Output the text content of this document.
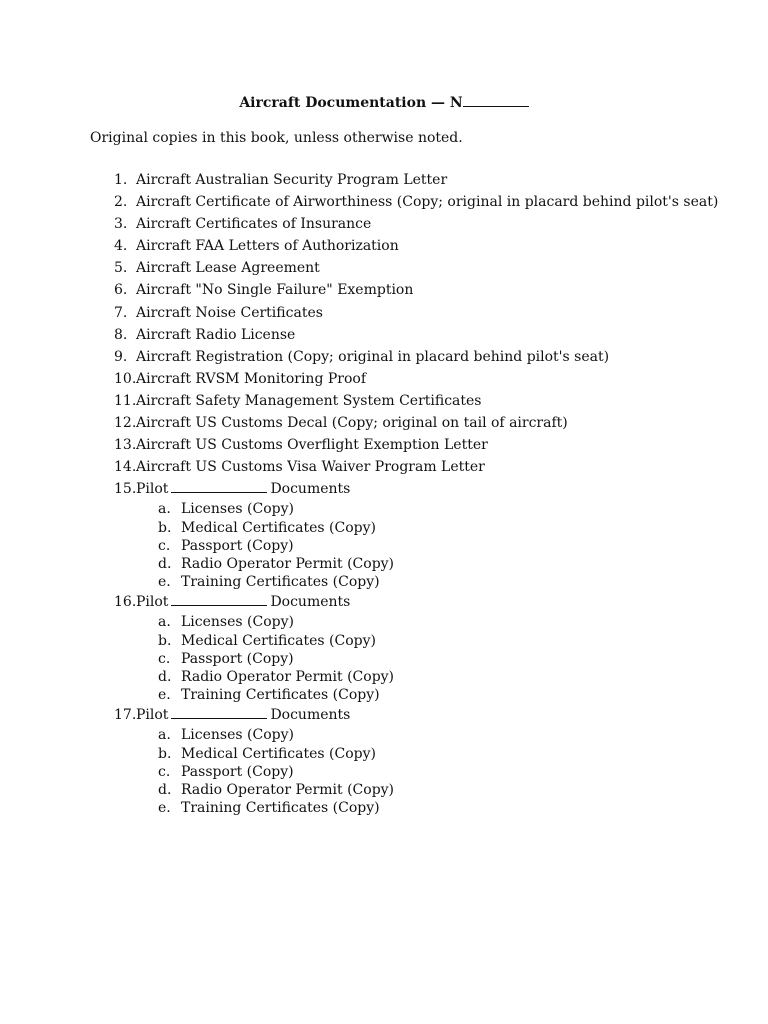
Aircraft Documentation — N
Original copies in this book, unless otherwise noted.
1. Aircraft Australian Security Program Letter
2. Aircraft Certificate of Airworthiness (Copy; original in placard behind pilot's seat)
3. Aircraft Certificates of Insurance
4. Aircraft FAA Letters of Authorization
5. Aircraft Lease Agreement
6. Aircraft "No Single Failure" Exemption
7. Aircraft Noise Certificates
8. Aircraft Radio License
9. Aircraft Registration (Copy; original in placard behind pilot's seat)
10. Aircraft RVSM Monitoring Proof
11. Aircraft Safety Management System Certificates
12. Aircraft US Customs Decal (Copy; original on tail of aircraft)
13. Aircraft US Customs Overflight Exemption Letter
14. Aircraft US Customs Visa Waiver Program Letter
15. Pilot	Documents
a. Licenses (Copy)
b. Medical Certificates (Copy)
c. Passport (Copy)
d. Radio Operator Permit (Copy)
e. Training Certificates (Copy)
16. Pilot	Documents
a. Licenses (Copy)
b. Medical Certificates (Copy)
c. Passport (Copy)
d. Radio Operator Permit (Copy)
e. Training Certificates (Copy)
17. Pilot	Documents
a. Licenses (Copy)
b. Medical Certificates (Copy)
c. Passport (Copy)
d. Radio Operator Permit (Copy)
e. Training Certificates (Copy)
